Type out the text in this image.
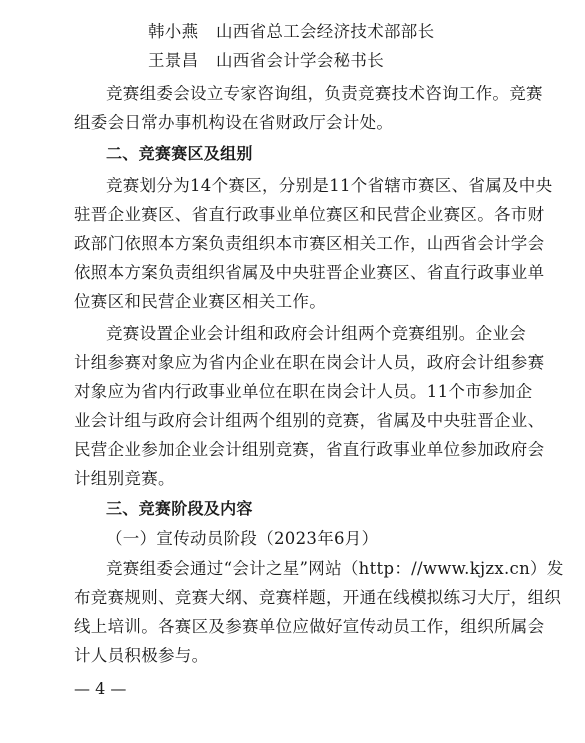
韩小燕 山西省总工会经济技术部部长
王景昌 山西省会计学会秘书长
竞赛组委会设立专家咨询组，负责竞赛技术咨询工作。竞赛
组委会日常办事机构设在省财政厅会计处。
二、竞赛赛区及组别
竞赛划分为14个赛区，分别是11个省辖市赛区、省属及中央
驻晋企业赛区、省直行政事业单位赛区和民营企业赛区。各市财
政部门依照本方案负责组织本市赛区相关工作，山西省会计学会
依照本方案负责组织省属及中央驻晋企业赛区、省直行政事业单
位赛区和民营企业赛区相关工作。
竞赛设置企业会计组和政府会计组两个竞赛组别。企业会
计组参赛对象应为省内企业在职在岗会计人员，政府会计组参赛
对象应为省内行政事业单位在职在岗会计人员。11个市参加企
业会计组与政府会计组两个组别的竞赛，省属及中央驻晋企业、
民营企业参加企业会计组别竞赛，省直行政事业单位参加政府会
计组别竞赛。
三、竞赛阶段及内容
（一）宣传动员阶段（2023年6月）
竞赛组委会通过“会计之星”网站（http：//www.kjzx.cn）发
布竞赛规则、竞赛大纲、竞赛样题，开通在线模拟练习大厅，组织
线上培训。各赛区及参赛单位应做好宣传动员工作，组织所属会
计人员积极参与。
— 4 —
